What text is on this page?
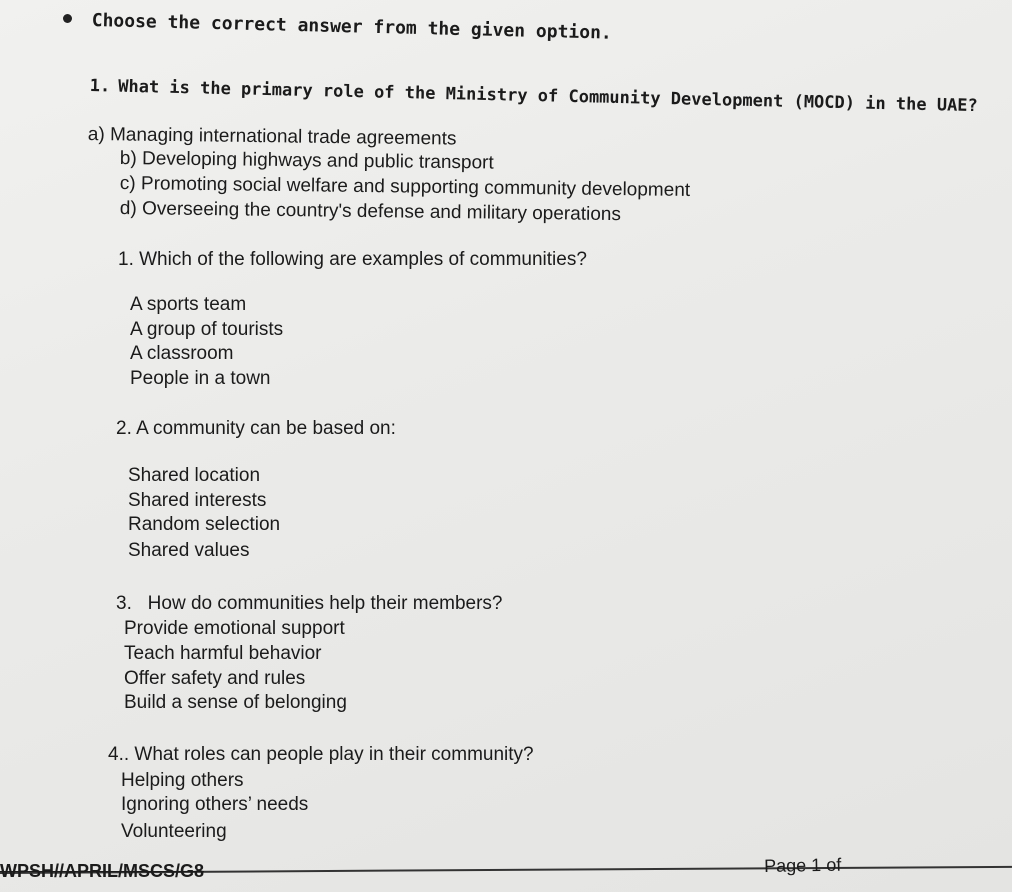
Choose the correct answer from the given option.
1. What is the primary role of the Ministry of Community Development (MOCD) in the UAE?
a) Managing international trade agreements
b) Developing highways and public transport
c) Promoting social welfare and supporting community development
d) Overseeing the country's defense and military operations
1. Which of the following are examples of communities?
A sports team
A group of tourists
A classroom
People in a town
2. A community can be based on:
Shared location
Shared interests
Random selection
Shared values
3.   How do communities help their members?
Provide emotional support
Teach harmful behavior
Offer safety and rules
Build a sense of belonging
4.. What roles can people play in their community?
Helping others
Ignoring others’ needs
Volunteering
WPSH//APRIL/MSCS/G8	Page 1 of
